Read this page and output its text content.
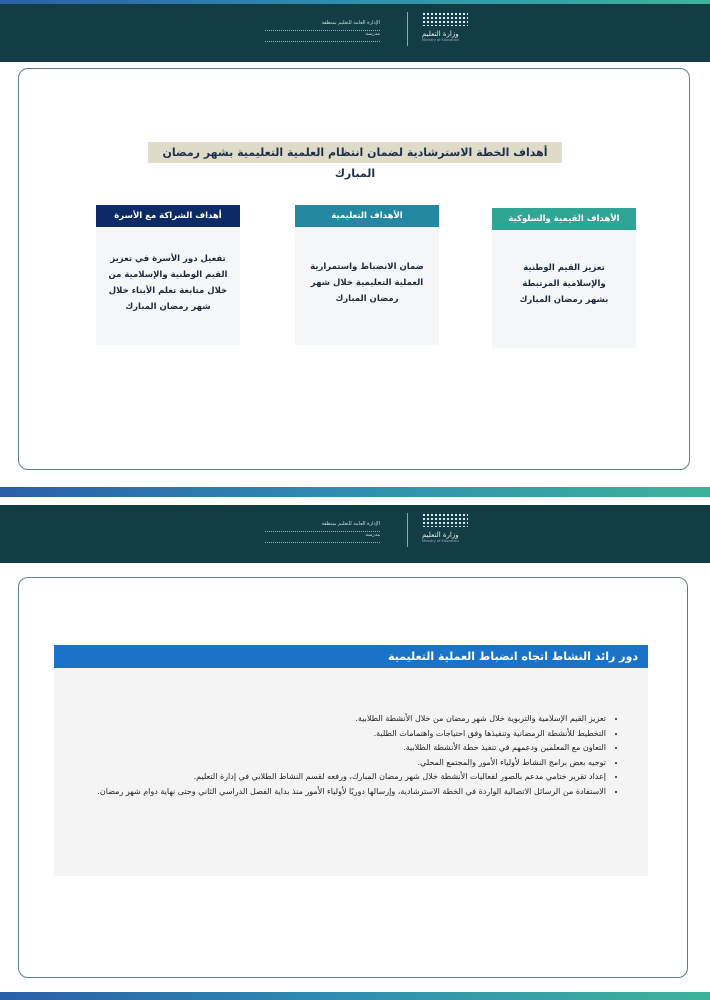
الإدارة العامة للتعليم بمنطقة
مدرسة	وزارة التعليم
Ministry of Education
أهداف الخطة الاسترشادية لضمان انتظام العلمية التعليمية بشهر رمضان المبارك
أهداف الشراكة مع الأسرة
تفعيل دور الأسرة في تعزيز القيم الوطنية والإسلامية من خلال متابعة تعلم الأبناء خلال شهر رمضان المبارك
الأهداف التعليمية
ضمان الانضباط واستمرارية العملية التعليمية خلال شهر رمضان المبارك
الأهداف القيمية والسلوكية
تعزيز القيم الوطنية والإسلامية المرتبطة بشهر رمضان المبارك
الإدارة العامة للتعليم بمنطقة
مدرسة	وزارة التعليم
Ministry of Education
دور رائد النشاط اتجاه انضباط العملية التعليمية
• تعزيز القيم الإسلامية والتربوية خلال شهر رمضان من خلال الأنشطة الطلابية.
• التخطيط للأنشطة الرمضانية وتنفيذها وفق احتياجات واهتمامات الطلبة.
• التعاون مع المعلمين ودعمهم في تنفيذ خطة الأنشطة الطلابية.
• توجيه بعض برامج النشاط لأولياء الأمور والمجتمع المحلي.
• إعداد تقرير ختامي مدعم بالصور لفعاليات الأنشطة خلال شهر رمضان المبارك، ورفعه لقسم النشاط الطلابي في إدارة التعليم.
• الاستفادة من الرسائل الاتصالية الواردة في الخطة الاسترشادية، وإرسالها دوريًا لأولياء الأمور منذ بداية الفصل الدراسي الثاني وحتى نهاية دوام شهر رمضان.
